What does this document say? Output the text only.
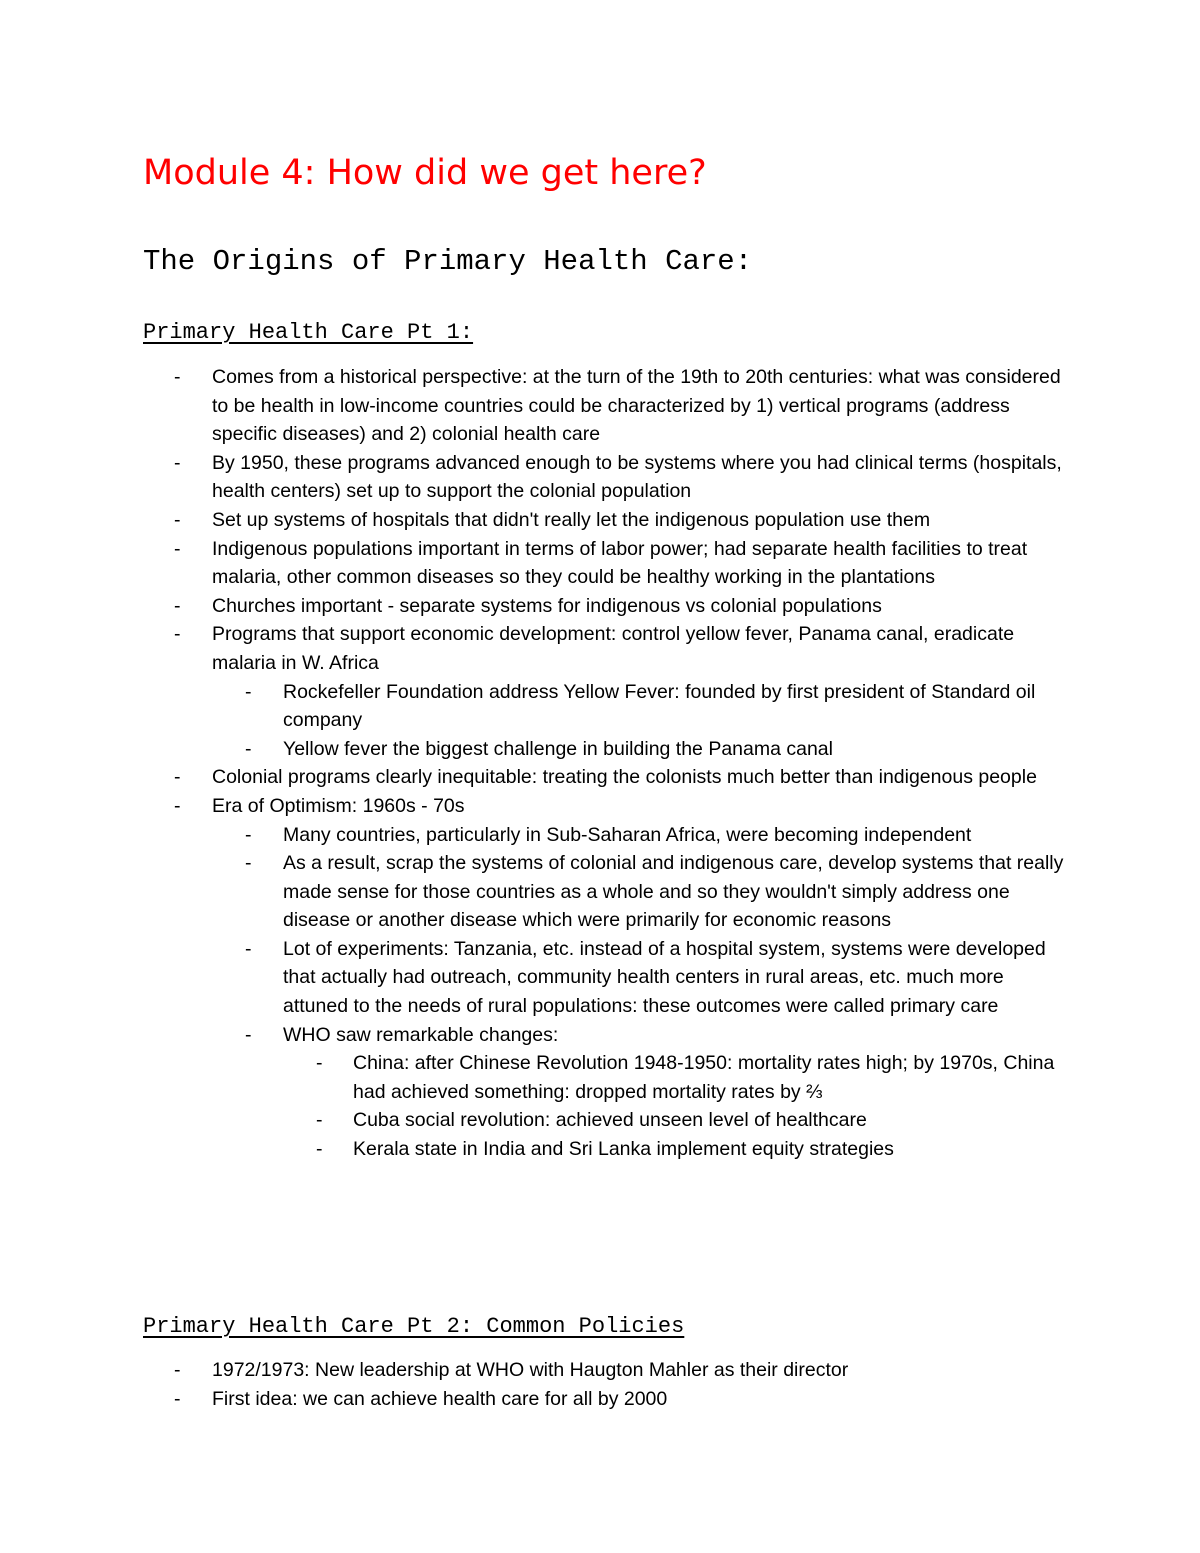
Module 4: How did we get here?
The Origins of Primary Health Care:
Primary Health Care Pt 1:
- Comes from a historical perspective: at the turn of the 19th to 20th centuries: what was considered to be health in low-income countries could be characterized by 1) vertical programs (address specific diseases) and 2) colonial health care
- By 1950, these programs advanced enough to be systems where you had clinical terms (hospitals, health centers) set up to support the colonial population
- Set up systems of hospitals that didn't really let the indigenous population use them
- Indigenous populations important in terms of labor power; had separate health facilities to treat malaria, other common diseases so they could be healthy working in the plantations
- Churches important - separate systems for indigenous vs colonial populations
- Programs that support economic development: control yellow fever, Panama canal, eradicate malaria in W. Africa
- Rockefeller Foundation address Yellow Fever: founded by first president of Standard oil company
- Yellow fever the biggest challenge in building the Panama canal
- Colonial programs clearly inequitable: treating the colonists much better than indigenous people
- Era of Optimism: 1960s - 70s
- Many countries, particularly in Sub-Saharan Africa, were becoming independent
- As a result, scrap the systems of colonial and indigenous care, develop systems that really made sense for those countries as a whole and so they wouldn't simply address one disease or another disease which were primarily for economic reasons
- Lot of experiments: Tanzania, etc. instead of a hospital system, systems were developed that actually had outreach, community health centers in rural areas, etc. much more attuned to the needs of rural populations: these outcomes were called primary care
- WHO saw remarkable changes:
- China: after Chinese Revolution 1948-1950: mortality rates high; by 1970s, China had achieved something: dropped mortality rates by ⅔
- Cuba social revolution: achieved unseen level of healthcare
- Kerala state in India and Sri Lanka implement equity strategies
Primary Health Care Pt 2: Common Policies
- 1972/1973: New leadership at WHO with Haugton Mahler as their director
- First idea: we can achieve health care for all by 2000
